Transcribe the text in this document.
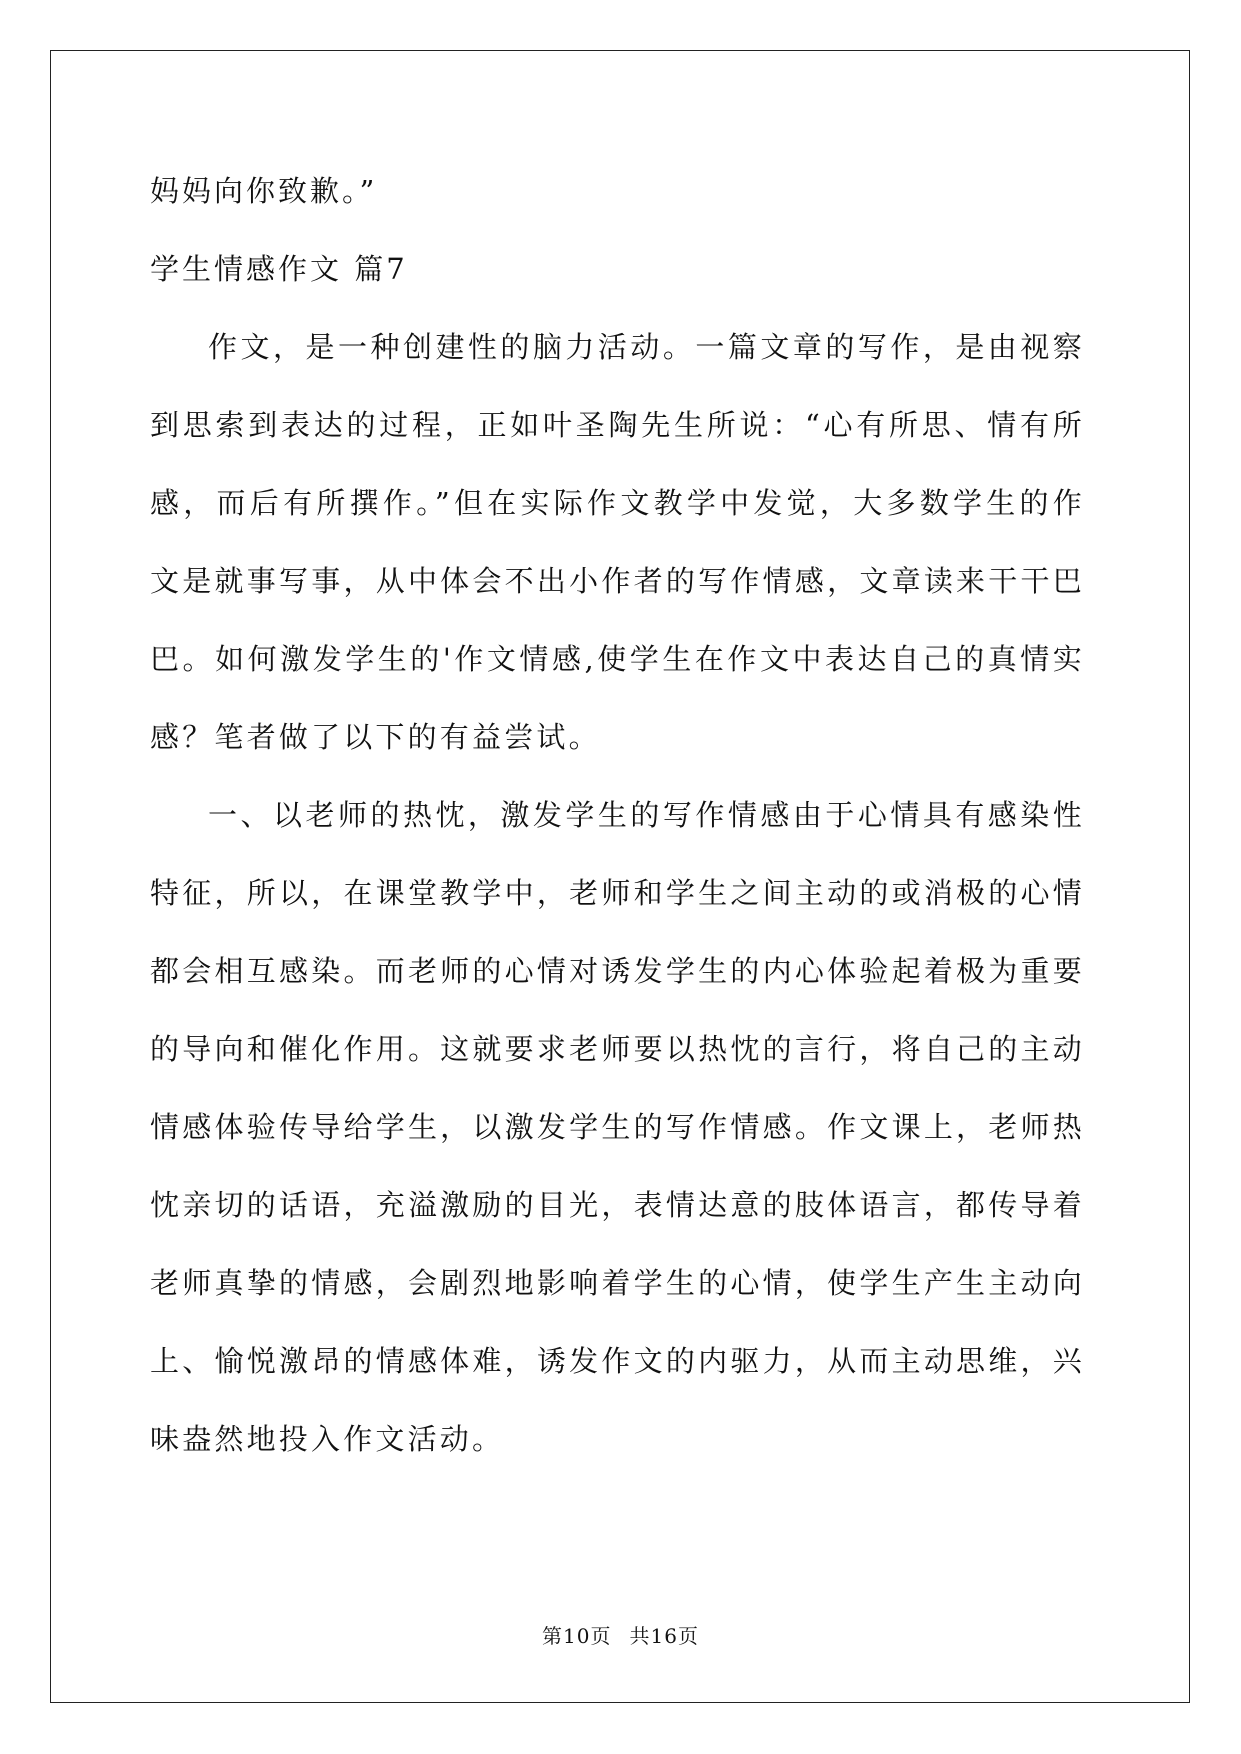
妈妈向你致歉。”

学生情感作文 篇7

作文，是一种创建性的脑力活动。一篇文章的写作，是由视察到思索到表达的过程，正如叶圣陶先生所说：“心有所思、情有所感，而后有所撰作。”但在实际作文教学中发觉，大多数学生的作文是就事写事，从中体会不出小作者的写作情感，文章读来干干巴巴。如何激发学生的'作文情感,使学生在作文中表达自己的真情实感？笔者做了以下的有益尝试。

一、以老师的热忱，激发学生的写作情感由于心情具有感染性特征，所以，在课堂教学中，老师和学生之间主动的或消极的心情都会相互感染。而老师的心情对诱发学生的内心体验起着极为重要的导向和催化作用。这就要求老师要以热忱的言行，将自己的主动情感体验传导给学生，以激发学生的写作情感。作文课上，老师热忱亲切的话语，充溢激励的目光，表情达意的肢体语言，都传导着老师真挚的情感，会剧烈地影响着学生的心情，使学生产生主动向上、愉悦激昂的情感体难，诱发作文的内驱力，从而主动思维，兴味盎然地投入作文活动。

第10页 共16页
